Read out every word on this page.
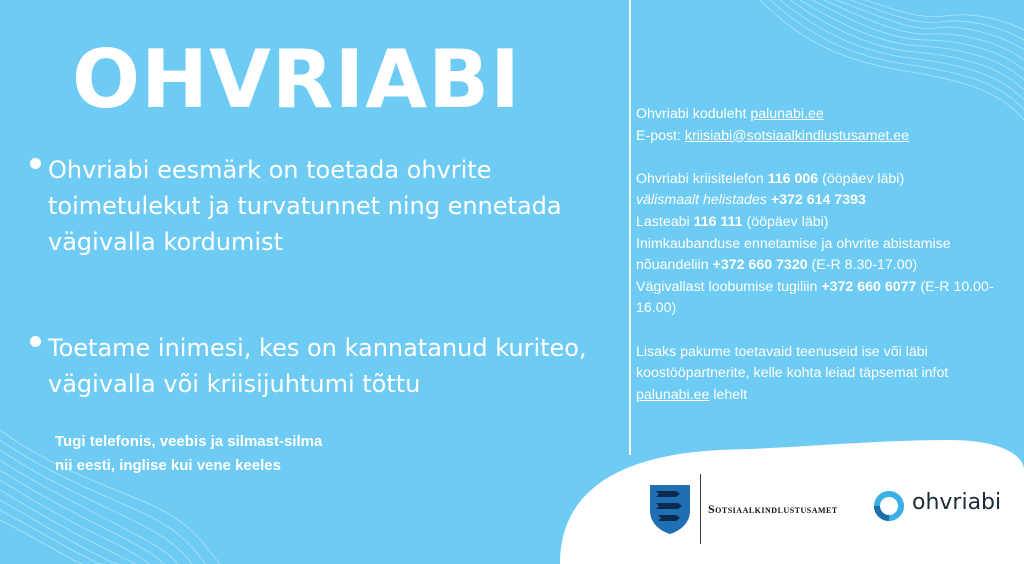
OHVRIABI
Ohvriabi eesmärk on toetada ohvrite toimetulekut ja turvatunnet ning ennetada vägivalla kordumist
Toetame inimesi, kes on kannatanud kuriteo, vägivalla või kriisijuhtumi tõttu
Tugi telefonis, veebis ja silmast-silma
nii eesti, inglise kui vene keeles

Ohvriabi koduleht palunabi.ee

E-post: kriisiabi@sotsiaalkindlustusamet.ee

Ohvriabi kriisitelefon 116 006 (ööpäev läbi)

välismaalt helistades +372 614 7393

Lasteabi 116 111 (ööpäev läbi)

Inimkaubanduse ennetamise ja ohvrite abistamise nõuandeliin +372 660 7320 (E-R 8.30-17.00)

Vägivallast loobumise tugiliin +372 660 6077 (E-R 10.00-16.00)

Lisaks pakume toetavaid teenuseid ise või läbi koostööpartnerite, kelle kohta leiad täpsemat infot palunabi.ee lehelt

Sotsiaalkindlustusamet	ohvriabi
